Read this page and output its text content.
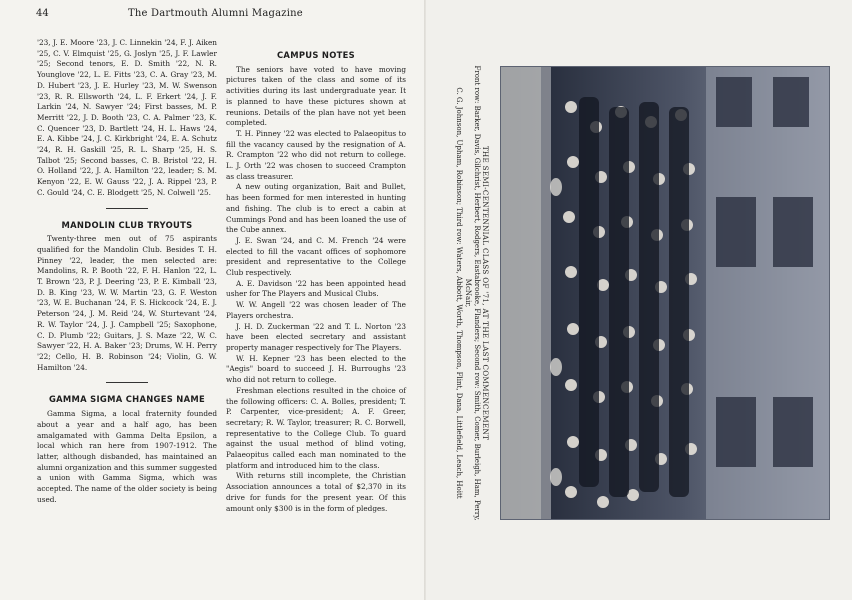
44	The Dartmouth Alumni Magazine

'23, J. E. Moore '23, J. C. Linnekin '24, F. J. Aiken '25, C. V. Elmquist '25, G. Joslyn '25, J. F. Lawler '25; Second tenors, E. D. Smith '22, N. R. Younglove '22, L. E. Fitts '23, C. A. Gray '23, M. D. Hubert '23, J. E. Hurley '23, M. W. Swenson '23, R. R. Ellsworth '24, L. F. Erkert '24, J. F. Larkin '24, N. Sawyer '24; First basses, M. P. Merritt '22, J. D. Booth '23, C. A. Palmer '23, K. C. Quencer '23, D. Bartlett '24, H. L. Haws '24, E. A. Kibbe '24, J. C. Kirkbright '24, E. A. Schutz '24, R. H. Gaskill '25, R. L. Sharp '25, H. S. Talbot '25; Second basses, C. B. Bristol '22, H. O. Holland '22, J. A. Hamilton '22, leader; S. M. Kenyon '22, E. W. Gauss '22, J. A. Rippel '23, P. C. Gould '24, C. E. Blodgett '25, N. Colwell '25.

MANDOLIN CLUB TRYOUTS

Twenty-three men out of 75 aspirants qualified for the Mandolin Club. Besides T. H. Pinney '22, leader, the men selected are: Mandolins, R. P. Booth '22, F. H. Hanlon '22, L. T. Brown '23, P. J. Deering '23, P. E. Kimball '23, D. B. King '23, W. W. Martin '23, G. F. Weston '23, W. E. Buchanan '24, F. S. Hickcock '24, E. J. Peterson '24, J. M. Reid '24, W. Sturtevant '24, R. W. Taylor '24, J. J. Campbell '25; Saxophone, C. D. Plumb '22; Guitars, J. S. Maze '22, W. C. Sawyer '22, H. A. Baker '23; Drums, W. H. Perry '22; Cello, H. B. Robinson '24; Violin, G. W. Hamilton '24.

GAMMA SIGMA CHANGES NAME

Gamma Sigma, a local fraternity founded about a year and a half ago, has been amalgamated with Gamma Delta Epsilon, a local which ran here from 1907-1912. The latter, although disbanded, has maintained an alumni organization and this summer suggested a union with Gamma Sigma, which was accepted. The name of the older society is being used.

CAMPUS NOTES

The seniors have voted to have moving pictures taken of the class and some of its activities during its last undergraduate year. It is planned to have these pictures shown at reunions. Details of the plan have not yet been completed.

T. H. Pinney '22 was elected to Palaeopitus to fill the vacancy caused by the resignation of A. R. Crampton '22 who did not return to college. L. J. Orth '22 was chosen to succeed Crampton as class treasurer.

A new outing organization, Bait and Bullet, has been formed for men interested in hunting and fishing. The club is to erect a cabin at Cummings Pond and has been loaned the use of the Cube annex.

J. E. Swan '24, and C. M. French '24 were elected to fill the vacant offices of sophomore president and representative to the College Club respectively.

A. E. Davidson '22 has been appointed head usher for The Players and Musical Clubs.

W. W. Angell '22 was chosen leader of The Players orchestra.

J. H. D. Zuckerman '22 and T. L. Norton '23 have been elected secretary and assistant property manager respectively for The Players.

W. H. Kepner '23 has been elected to the "Aegis" board to succeed J. H. Burroughs '23 who did not return to college.

Freshman elections resulted in the choice of the following officers: C. A. Bolles, president; T. P. Carpenter, vice-president; A. F. Greer, secretary; R. W. Taylor, treasurer; R. C. Borwell, representative to the College Club. To guard against the usual method of blind voting, Palaeopitus called each man nominated to the platform and introduced him to the class.

With returns still incomplete, the Christian Association announces a total of $2,370 in its drive for funds for the present year. Of this amount only $300 is in the form of pledges.

THE SEMI-CENTENNIAL CLASS OF '71, AT THE LAST COMMENCEMENT
Front row: Barker, Davis, Gilchrist, Herbert, Rodgers, Eastabrooke, Flanders; Second row: Smith, Comer, Burleigh, Ham, Perry, McNair,
C. G. Johnson, Upham, Robinson; Third row: Waters, Abbott, Worth, Thompson, Flint, Dana, Littlefield, Leach, Hoitt
